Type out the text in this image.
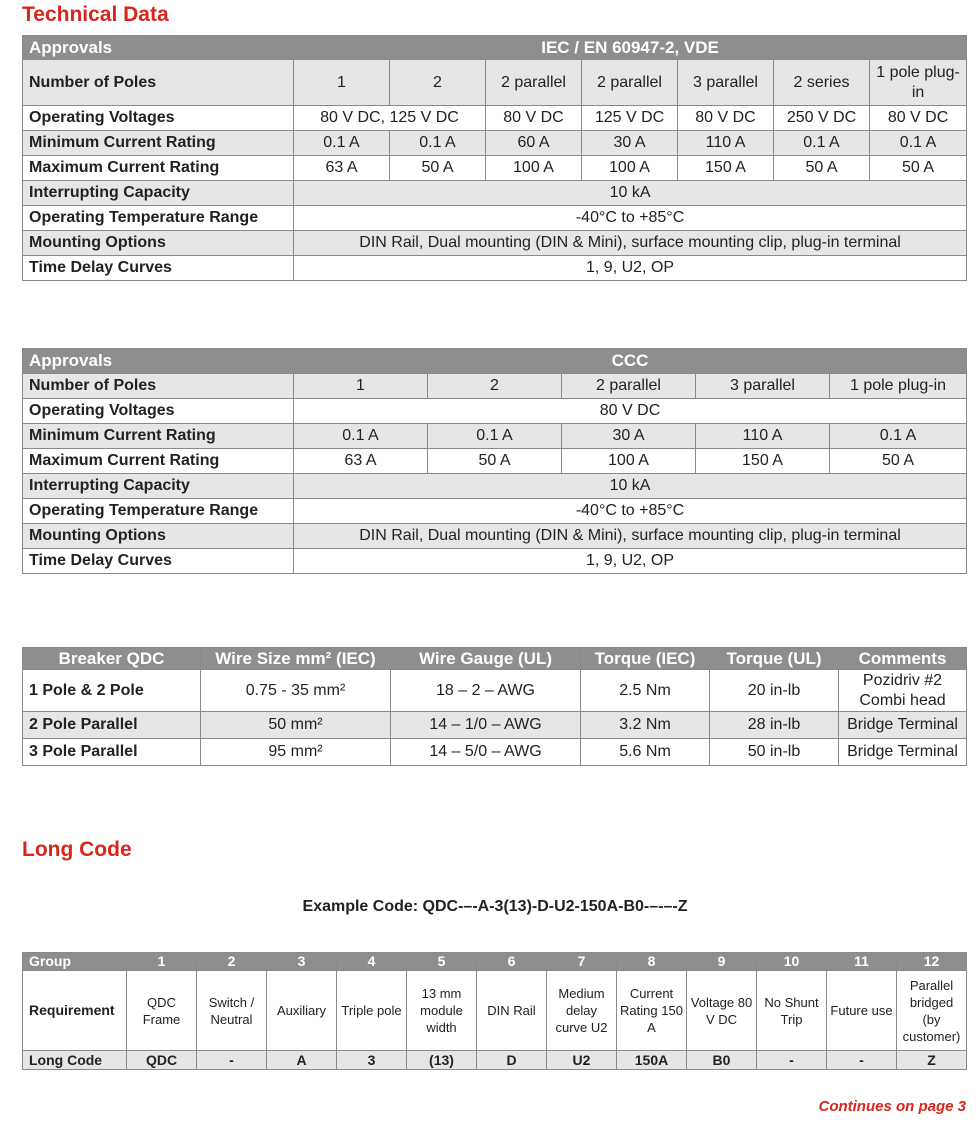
Technical Data
Approvals	IEC / EN 60947-2, VDE						
Number of Poles	1	2	2 parallel	2 parallel	3 parallel	2 series	1 pole plug-in
Operating Voltages	80 V DC, 125 V DC		80 V DC	125 V DC	80 V DC	250 V DC	80 V DC
Minimum Current Rating	0.1 A	0.1 A	60 A	30 A	110 A	0.1 A	0.1 A
Maximum Current Rating	63 A	50 A	100 A	100 A	150 A	50 A	50 A
Interrupting Capacity	10 kA						
Operating Temperature Range	-40°C to +85°C						
Mounting Options	DIN Rail, Dual mounting (DIN & Mini), surface mounting clip, plug-in terminal						
Time Delay Curves	1, 9, U2, OP						
Approvals	CCC				
Number of Poles	1	2	2 parallel	3 parallel	1 pole plug-in
Operating Voltages	80 V DC				
Minimum Current Rating	0.1 A	0.1 A	30 A	110 A	0.1 A
Maximum Current Rating	63 A	50 A	100 A	150 A	50 A
Interrupting Capacity	10 kA				
Operating Temperature Range	-40°C to +85°C				
Mounting Options	DIN Rail, Dual mounting (DIN & Mini), surface mounting clip, plug-in terminal				
Time Delay Curves	1, 9, U2, OP				
Breaker QDC	Wire Size mm² (IEC)	Wire Gauge (UL)	Torque (IEC)	Torque (UL)	Comments
1 Pole & 2 Pole	0.75 - 35 mm²	18 – 2 – AWG	2.5 Nm	20 in-lb	Pozidriv #2 Combi head
2 Pole Parallel	50 mm²	14 – 1/0 – AWG	3.2 Nm	28 in-lb	Bridge Terminal
3 Pole Parallel	95 mm²	14 – 5/0 – AWG	5.6 Nm	50 in-lb	Bridge Terminal
Long Code
Example Code: QDC-–-A-3(13)-D-U2-150A-B0-–-–-Z
Group	1	2	3	4	5	6	7	8	9	10	11	12
Requirement	QDC Frame	Switch / Neutral	Auxiliary	Triple pole	13 mm module width	DIN Rail	Medium delay curve U2	Current Rating 150 A	Voltage 80 V DC	No Shunt Trip	Future use	Parallel bridged (by customer)
Long Code	QDC	-	A	3	(13)	D	U2	150A	B0	-	-	Z
Continues on page 3
